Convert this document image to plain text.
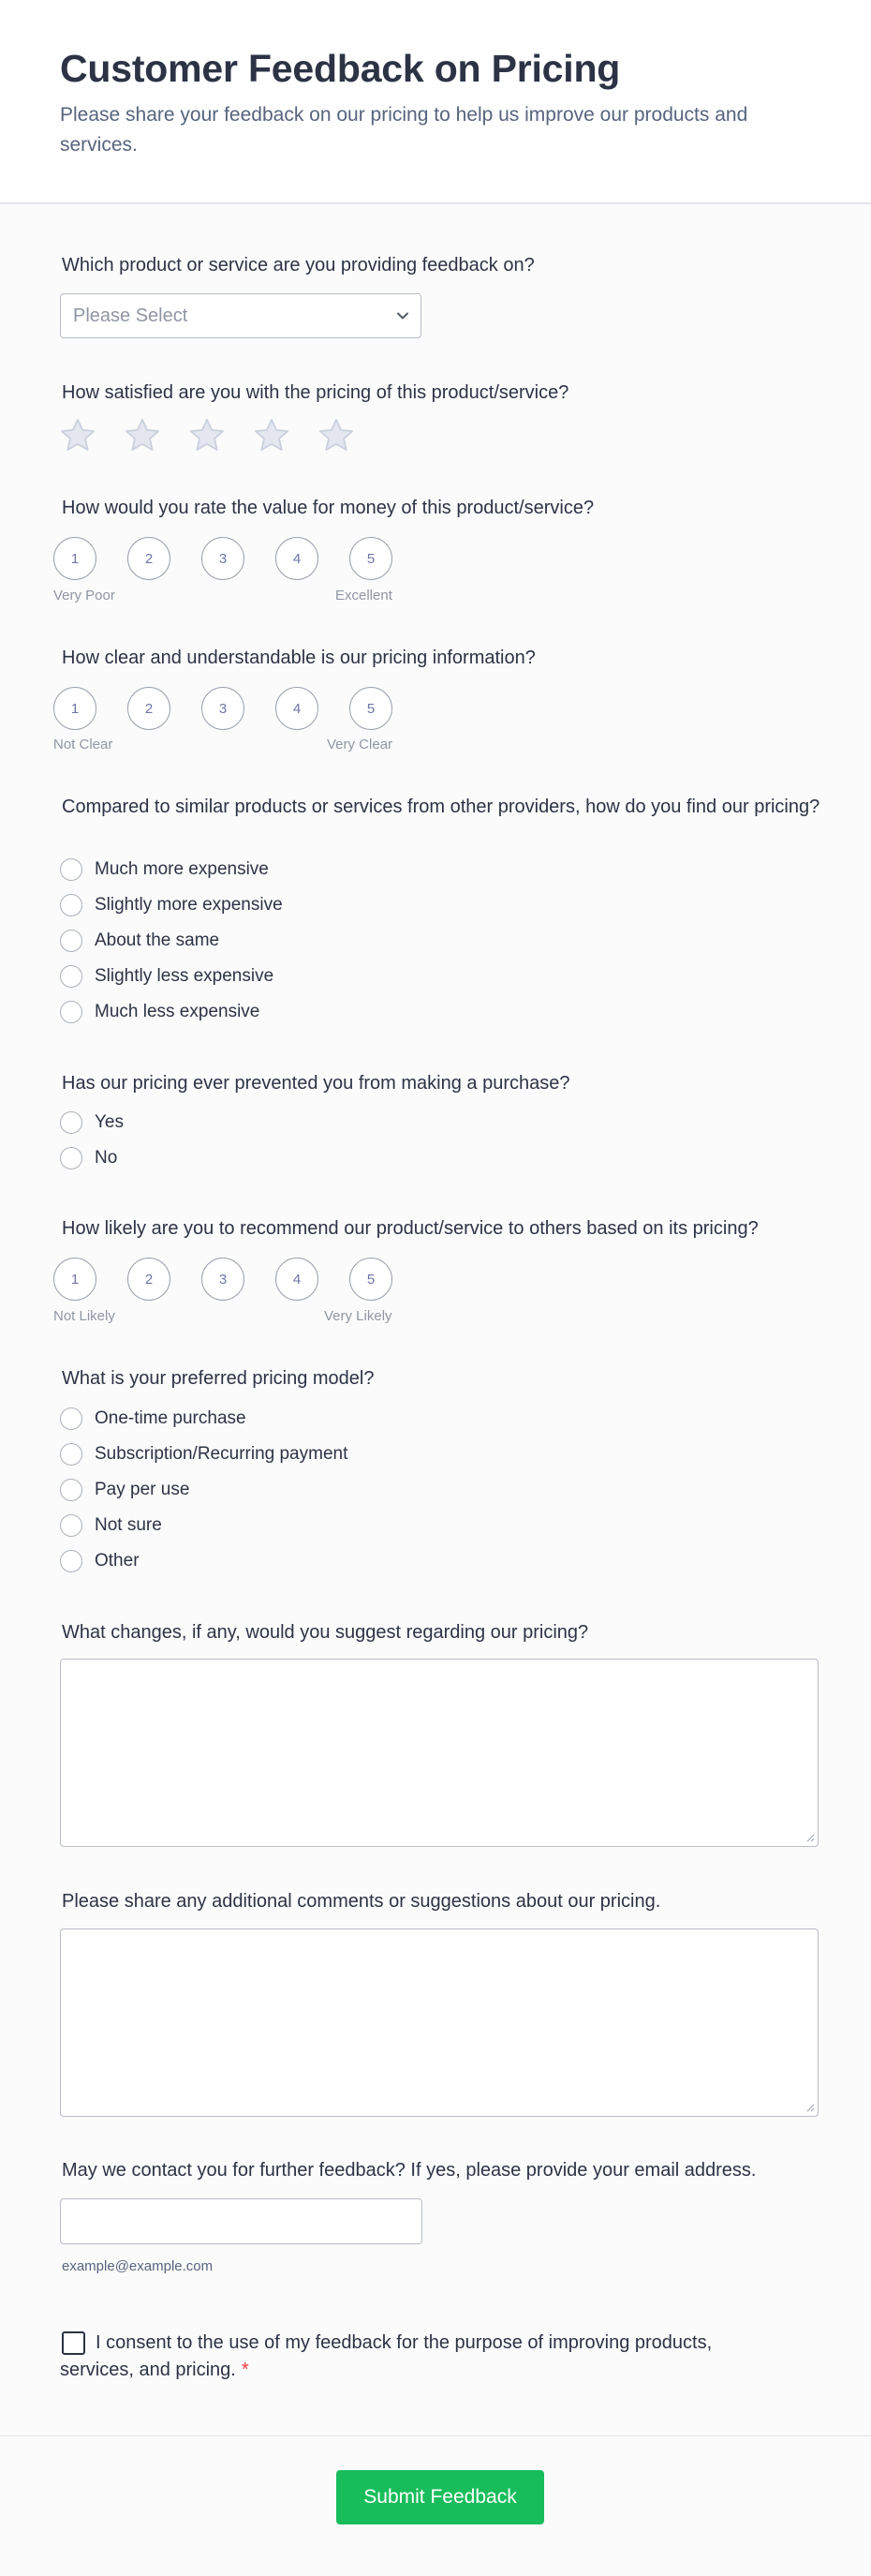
Customer Feedback on Pricing

Please share your feedback on our pricing to help us improve our products and services.

Which product or service are you providing feedback on?
Please Select
How satisfied are you with the pricing of this product/service?
How would you rate the value for money of this product/service?
1	2	3	4	5
Very Poor	Excellent
How clear and understandable is our pricing information?
1	2	3	4	5
Not Clear	Very Clear
Compared to similar products or services from other providers, how do you find our pricing?
Much more expensive
Slightly more expensive
About the same
Slightly less expensive
Much less expensive
Has our pricing ever prevented you from making a purchase?
Yes
No
How likely are you to recommend our product/service to others based on its pricing?
1	2	3	4	5
Not Likely	Very Likely
What is your preferred pricing model?
One-time purchase
Subscription/Recurring payment
Pay per use
Not sure
Other
What changes, if any, would you suggest regarding our pricing?
Please share any additional comments or suggestions about our pricing.
May we contact you for further feedback? If yes, please provide your email address.
example@example.com
I consent to the use of my feedback for the purpose of improving products, services, and pricing. *
Submit Feedback
